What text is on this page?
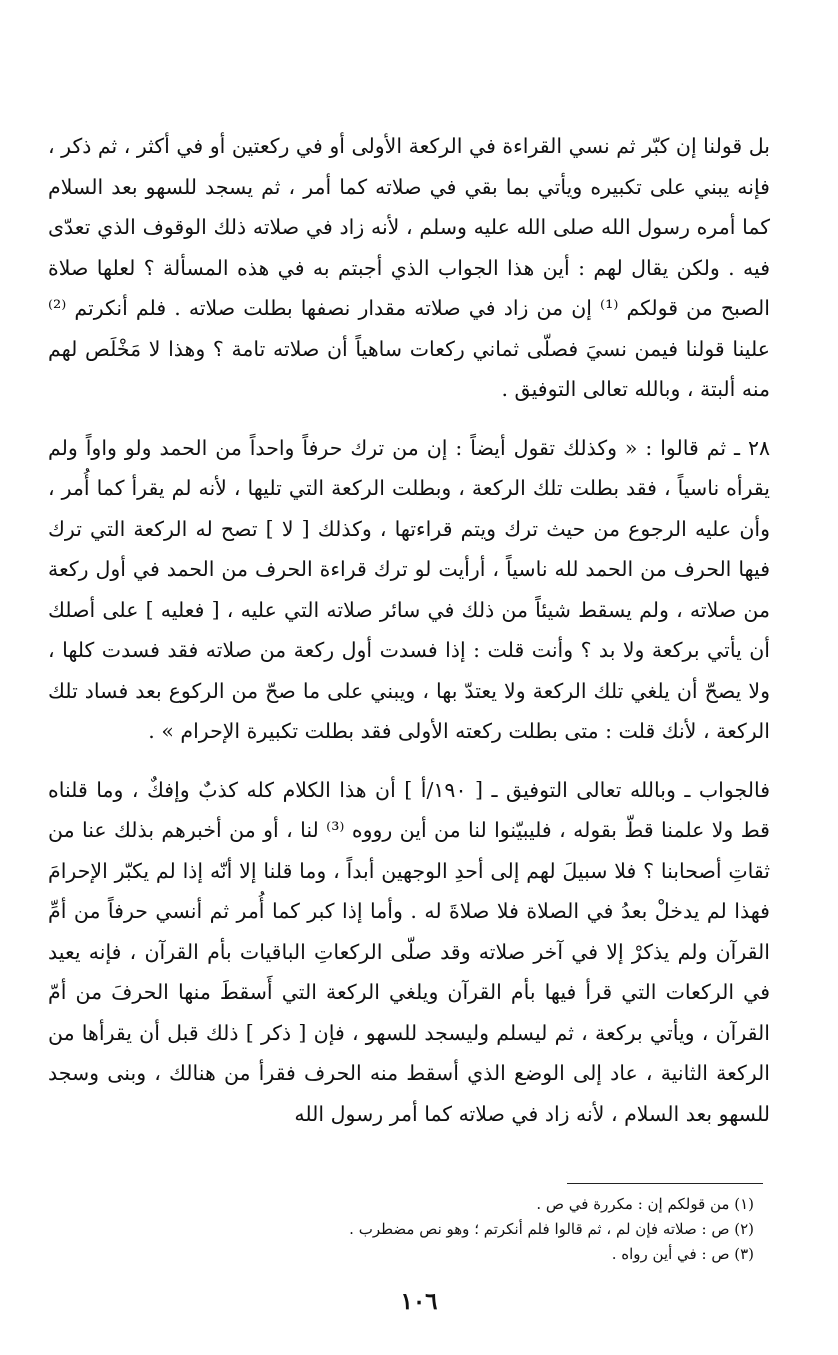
بل قولنا إن كبّر ثم نسي القراءة في الركعة الأولى أو في ركعتين أو في أكثر ، ثم ذكر ، فإنه يبني على تكبيره ويأتي بما بقي في صلاته كما أمر ، ثم يسجد للسهو بعد السلام كما أمره رسول الله صلى الله عليه وسلم ، لأنه زاد في صلاته ذلك الوقوف الذي تعدّى فيه . ولكن يقال لهم : أين هذا الجواب الذي أجبتم به في هذه المسألة ؟ لعلها صلاة الصبح من قولكم ⁽¹⁾ إن من زاد في صلاته مقدار نصفها بطلت صلاته . فلم أنكرتم ⁽²⁾ علينا قولنا فيمن نسيَ فصلّى ثماني ركعات ساهياً أن صلاته تامة ؟ وهذا لا مَخْلَص لهم منه ألبتة ، وبالله تعالى التوفيق .

٢٨ ـ ثم قالوا : « وكذلك تقول أيضاً : إن من ترك حرفاً واحداً من الحمد ولو واواً ولم يقرأه ناسياً ، فقد بطلت تلك الركعة ، وبطلت الركعة التي تليها ، لأنه لم يقرأ كما أُمر ، وأن عليه الرجوع من حيث ترك ويتم قراءتها ، وكذلك [ لا ] تصح له الركعة التي ترك فيها الحرف من الحمد لله ناسياً ، أرأيت لو ترك قراءة الحرف من الحمد في أول ركعة من صلاته ، ولم يسقط شيئاً من ذلك في سائر صلاته التي عليه ، [ فعليه ] على أصلك أن يأتي بركعة ولا بد ؟ وأنت قلت : إذا فسدت أول ركعة من صلاته فقد فسدت كلها ، ولا يصحّ أن يلغي تلك الركعة ولا يعتدّ بها ، ويبني على ما صحّ من الركوع بعد فساد تلك الركعة ، لأنك قلت : متى بطلت ركعته الأولى فقد بطلت تكبيرة الإحرام » .

فالجواب ـ وبالله تعالى التوفيق ـ [ ١٩٠/أ ] أن هذا الكلام كله كذبٌ وإفكٌ ، وما قلناه قط ولا علمنا قطّ بقوله ، فليبيّنوا لنا من أين رووه ⁽³⁾ لنا ، أو من أخبرهم بذلك عنا من ثقاتِ أصحابنا ؟ فلا سبيلَ لهم إلى أحدِ الوجهين أبداً ، وما قلنا إلا أنّه إذا لم يكبّر الإحرامَ فهذا لم يدخلْ بعدُ في الصلاة فلا صلاةَ له . وأما إذا كبر كما أُمر ثم أنسي حرفاً من أمِّ القرآن ولم يذكرْ إلا في آخر صلاته وقد صلّى الركعاتِ الباقيات بأم القرآن ، فإنه يعيد في الركعات التي قرأ فيها بأم القرآن ويلغي الركعة التي أَسقطَ منها الحرفَ من أمّ القرآن ، ويأتي بركعة ، ثم ليسلم وليسجد للسهو ، فإن [ ذكر ] ذلك قبل أن يقرأها من الركعة الثانية ، عاد إلى الوضع الذي أسقط منه الحرف فقرأ من هنالك ، وبنى وسجد للسهو بعد السلام ، لأنه زاد في صلاته كما أمر رسول الله

(١) من قولكم إن : مكررة في ص .
(٢) ص : صلاته فإن لم ، ثم قالوا فلم أنكرتم ؛ وهو نص مضطرب .
(٣) ص : في أين رواه .
١٠٦
